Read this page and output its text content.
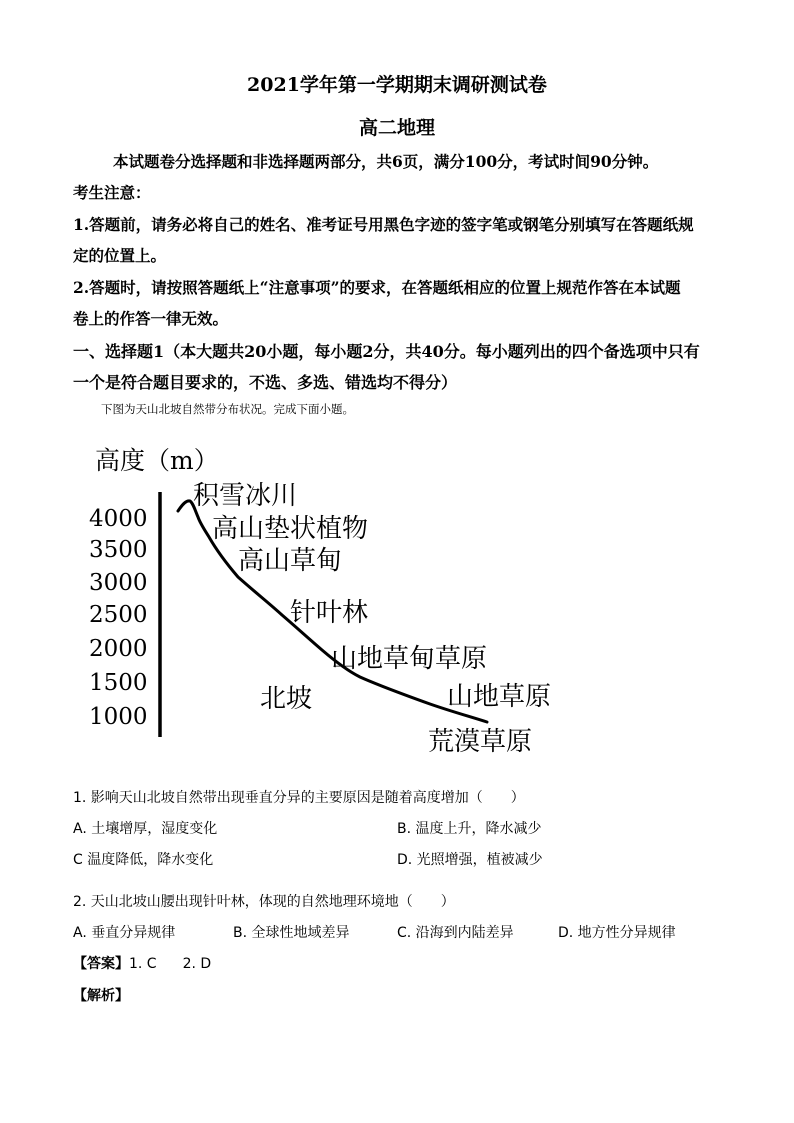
2021学年第一学期期末调研测试卷
高二地理
本试题卷分选择题和非选择题两部分，共6页，满分100分，考试时间90分钟。
考生注意：
1.答题前，请务必将自己的姓名、准考证号用黑色字迹的签字笔或钢笔分别填写在答题纸规
定的位置上。
2.答题时，请按照答题纸上“注意事项”的要求，在答题纸相应的位置上规范作答在本试题
卷上的作答一律无效。
一、选择题1（本大题共20小题，每小题2分，共40分。每小题列出的四个备选项中只有
一个是符合题目要求的，不选、多选、错选均不得分）
下图为天山北坡自然带分布状况。完成下面小题。
高度（m）
4000
3500
3000
2500
2000
1500
1000
积雪冰川
高山垫状植物
高山草甸
针叶林
山地草甸草原
山地草原
荒漠草原
北坡
1. 影响天山北坡自然带出现垂直分异的主要原因是随着高度增加（　　）
A. 土壤增厚，湿度变化	B. 温度上升，降水减少
C 温度降低，降水变化	D. 光照增强，植被减少
2. 天山北坡山腰出现针叶林，体现的自然地理环境地（　　）
A. 垂直分异规律	B. 全球性地域差异	C. 沿海到内陆差异	D. 地方性分异规律
【答案】1. C 2. D
【解析】
